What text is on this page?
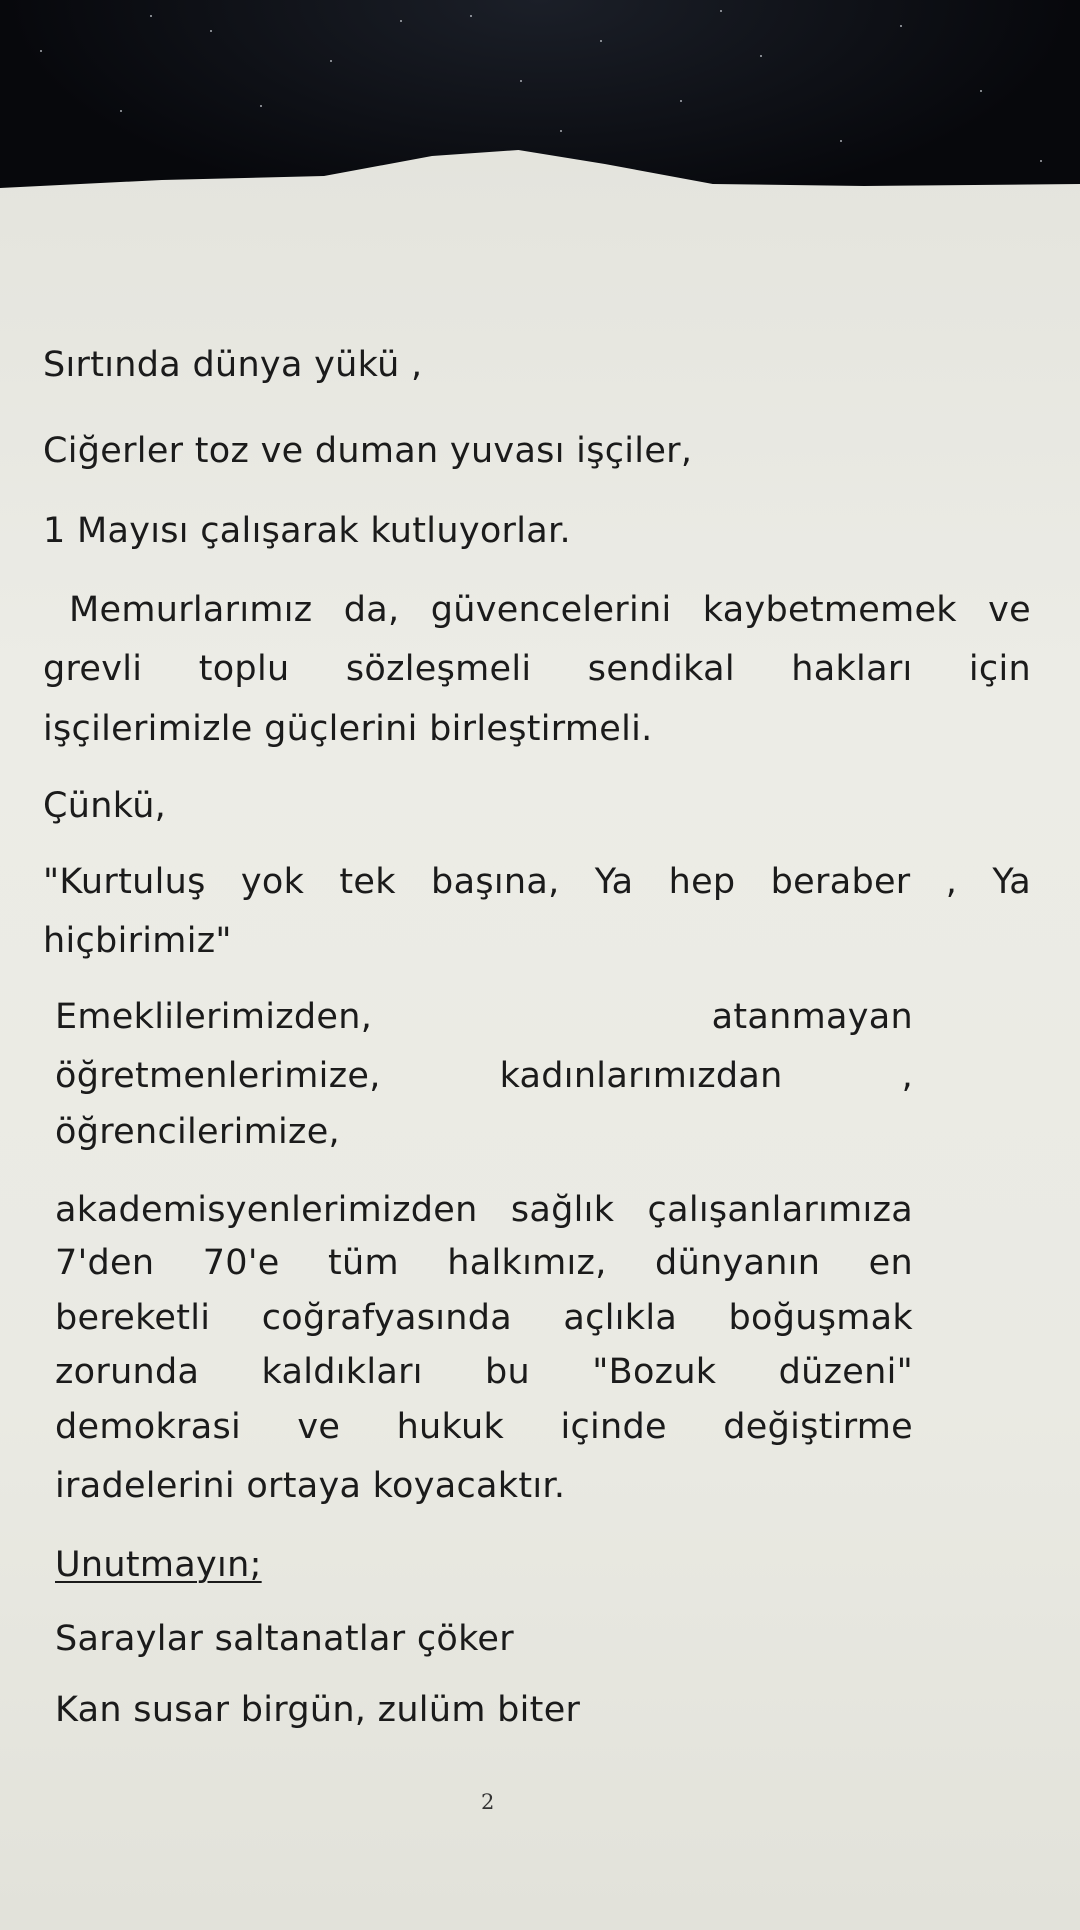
Sırtında dünya yükü ,
Ciğerler toz ve duman yuvası işçiler,
1 Mayısı çalışarak kutluyorlar.
Memurlarımız da, güvencelerini kaybetmemek ve
grevli toplu sözleşmeli sendikal hakları için
işçilerimizle güçlerini birleştirmeli.
Çünkü,
"Kurtuluş yok tek başına, Ya hep beraber , Ya
hiçbirimiz"
Emeklilerimizden, atanmayan
öğretmenlerimize, kadınlarımızdan ,
öğrencilerimize,
akademisyenlerimizden sağlık çalışanlarımıza
7'den 70'e tüm halkımız, dünyanın en
bereketli coğrafyasında açlıkla boğuşmak
zorunda kaldıkları bu "Bozuk düzeni"
demokrasi ve hukuk içinde değiştirme
iradelerini ortaya koyacaktır.
Unutmayın;
Saraylar saltanatlar çöker
Kan susar birgün, zulüm biter
2
